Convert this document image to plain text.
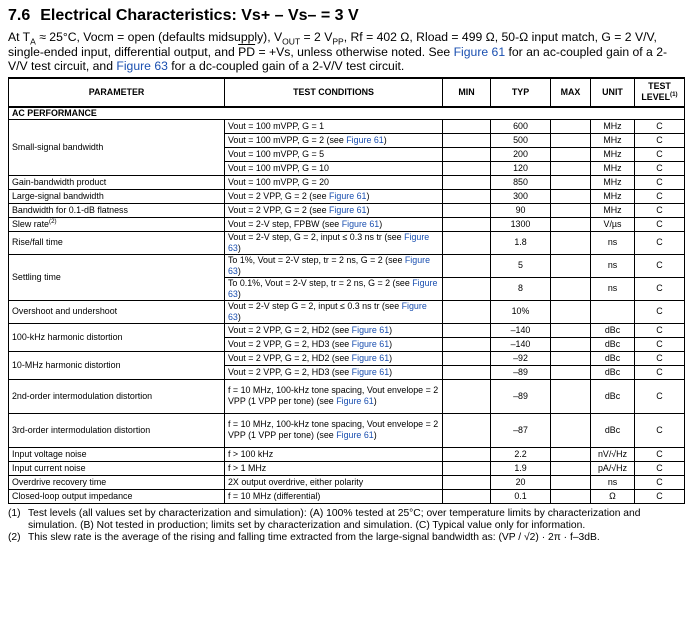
7.6 Electrical Characteristics: Vs+ – Vs– = 3 V

At $T_A \approx 25^\circ C$, Vocm = open (defaults midsupply), $V_{OUT} = 2$ $V_{PP}$, Rf = 402 Ω, Rload = 499 Ω, 50-Ω input match, G = 2 V/V, single-ended input, differential output, and $\overline{PD} = +Vs$, unless otherwise noted. See Figure 61 for an ac-coupled gain of a 2-V/V test circuit, and Figure 63 for a dc-coupled gain of a 2-V/V test circuit.

PARAMETER	TEST CONDITIONS	MIN	TYP	MAX	UNIT	TEST LEVEL$^{(1)}$
AC PERFORMANCE						
Small-signal bandwidth	Vout = 100 mVPP, G = 1		600		MHz	C
	Vout = 100 mVPP, G = 2 (see Figure 61)		500		MHz	C
	Vout = 100 mVPP, G = 5		200		MHz	C
	Vout = 100 mVPP, G = 10		120		MHz	C
Gain-bandwidth product	Vout = 100 mVPP, G = 20		850		MHz	C
Large-signal bandwidth	Vout = 2 VPP, G = 2 (see Figure 61)		300		MHz	C
Bandwidth for 0.1-dB flatness	Vout = 2 VPP, G = 2 (see Figure 61)		90		MHz	C
Slew rate$^{(2)}$	Vout = 2-V step, FPBW (see Figure 61)		1300		V/µs	C
Rise/fall time	Vout = 2-V step, G = 2, input ≤ 0.3 ns tr (see Figure 63)		1.8		ns	C
Settling time	To 1%, Vout = 2-V step, tr = 2 ns, G = 2 (see Figure 63)		5		ns	C
	To 0.1%, Vout = 2-V step, tr = 2 ns, G = 2 (see Figure 63)		8		ns	C
Overshoot and undershoot	Vout = 2-V step G = 2, input ≤ 0.3 ns tr (see Figure 63)		10%			C
100-kHz harmonic distortion	Vout = 2 VPP, G = 2, HD2 (see Figure 61)		–140		dBc	C
	Vout = 2 VPP, G = 2, HD3 (see Figure 61)		–140		dBc	C
10-MHz harmonic distortion	Vout = 2 VPP, G = 2, HD2 (see Figure 61)		–92		dBc	C
	Vout = 2 VPP, G = 2, HD3 (see Figure 61)		–89		dBc	C
2nd-order intermodulation distortion	f = 10 MHz, 100-kHz tone spacing, Vout envelope = 2 VPP (1 VPP per tone) (see Figure 61)		–89		dBc	C
3rd-order intermodulation distortion	f = 10 MHz, 100-kHz tone spacing, Vout envelope = 2 VPP (1 VPP per tone) (see Figure 61)		–87		dBc	C
Input voltage noise	f > 100 kHz		2.2		nV/√Hz	C
Input current noise	f > 1 MHz		1.9		pA/√Hz	C
Overdrive recovery time	2X output overdrive, either polarity		20		ns	C
Closed-loop output impedance	f = 10 MHz (differential)		0.1		Ω	C
(1) Test levels (all values set by characterization and simulation): (A) 100% tested at 25°C; over temperature limits by characterization and simulation. (B) Not tested in production; limits set by characterization and simulation. (C) Typical value only for information.
(2) This slew rate is the average of the rising and falling time extracted from the large-signal bandwidth as: (VP / √2) · 2π · f–3dB.
